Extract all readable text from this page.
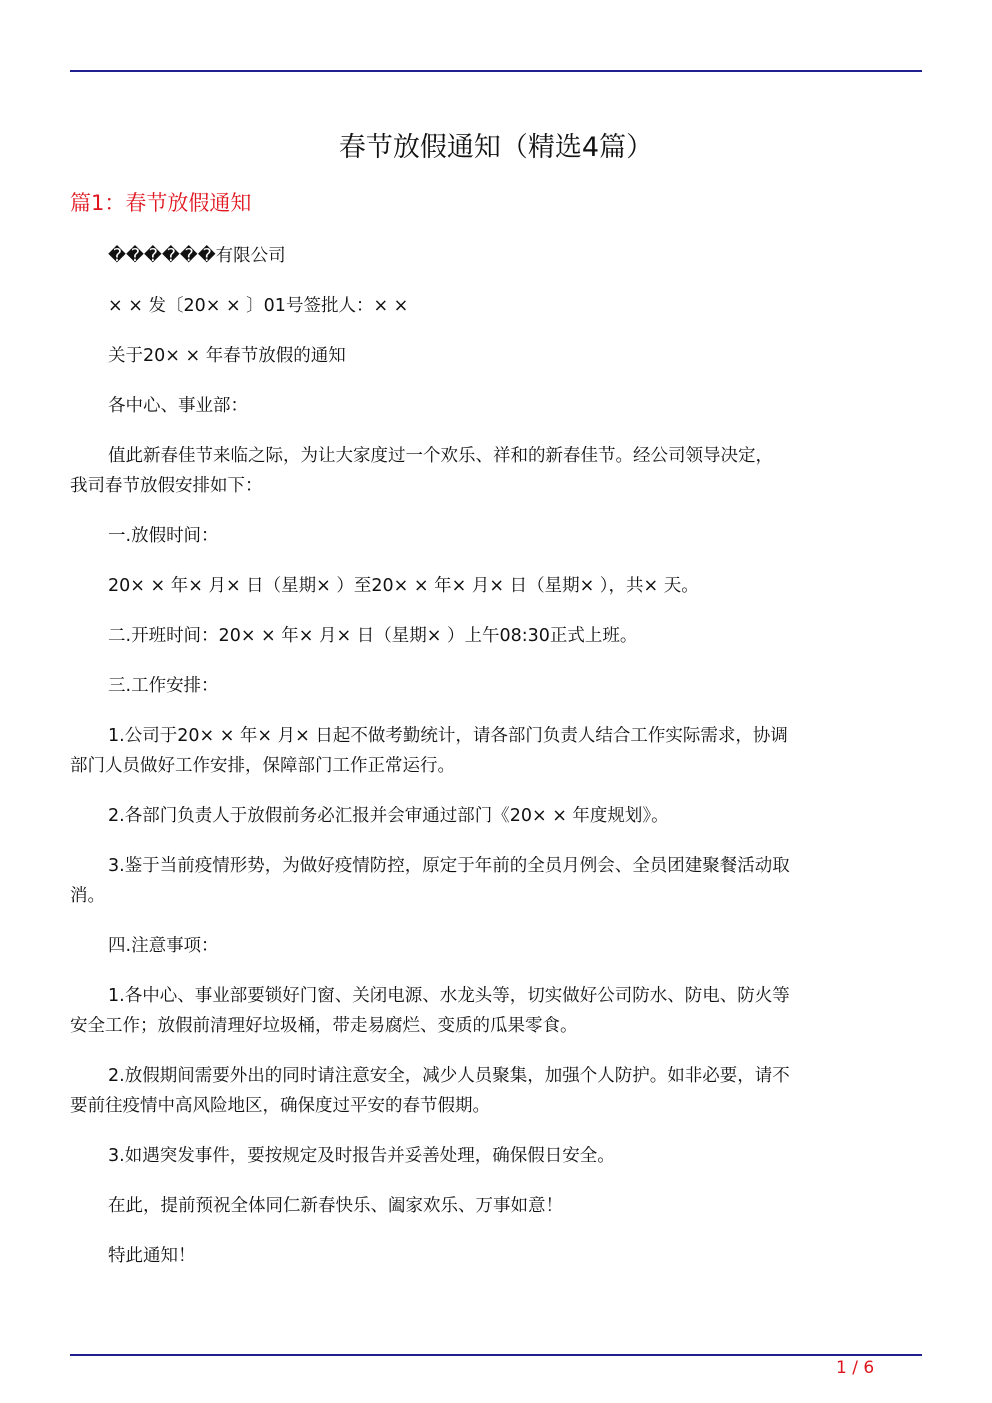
春节放假通知（精选4篇）
篇1：春节放假通知

������有限公司

× × 发〔20× × 〕01号签批人：× ×

关于20× × 年春节放假的通知

各中心、事业部：

值此新春佳节来临之际，为让大家度过一个欢乐、祥和的新春佳节。经公司领导决定，我司春节放假安排如下：

一.放假时间：

20× × 年× 月× 日（星期× ）至20× × 年× 月× 日（星期× ），共× 天。

二.开班时间：20× × 年× 月× 日（星期× ）上午08:30正式上班。

三.工作安排：

1.公司于20× × 年× 月× 日起不做考勤统计，请各部门负责人结合工作实际需求，协调部门人员做好工作安排，保障部门工作正常运行。

2.各部门负责人于放假前务必汇报并会审通过部门《20× × 年度规划》。

3.鉴于当前疫情形势，为做好疫情防控，原定于年前的全员月例会、全员团建聚餐活动取消。

四.注意事项：

1.各中心、事业部要锁好门窗、关闭电源、水龙头等，切实做好公司防水、防电、防火等安全工作；放假前清理好垃圾桶，带走易腐烂、变质的瓜果零食。

2.放假期间需要外出的同时请注意安全，减少人员聚集，加强个人防护。如非必要，请不要前往疫情中高风险地区，确保度过平安的春节假期。

3.如遇突发事件，要按规定及时报告并妥善处理，确保假日安全。

在此，提前预祝全体同仁新春快乐、阖家欢乐、万事如意！

特此通知！

1 / 6
